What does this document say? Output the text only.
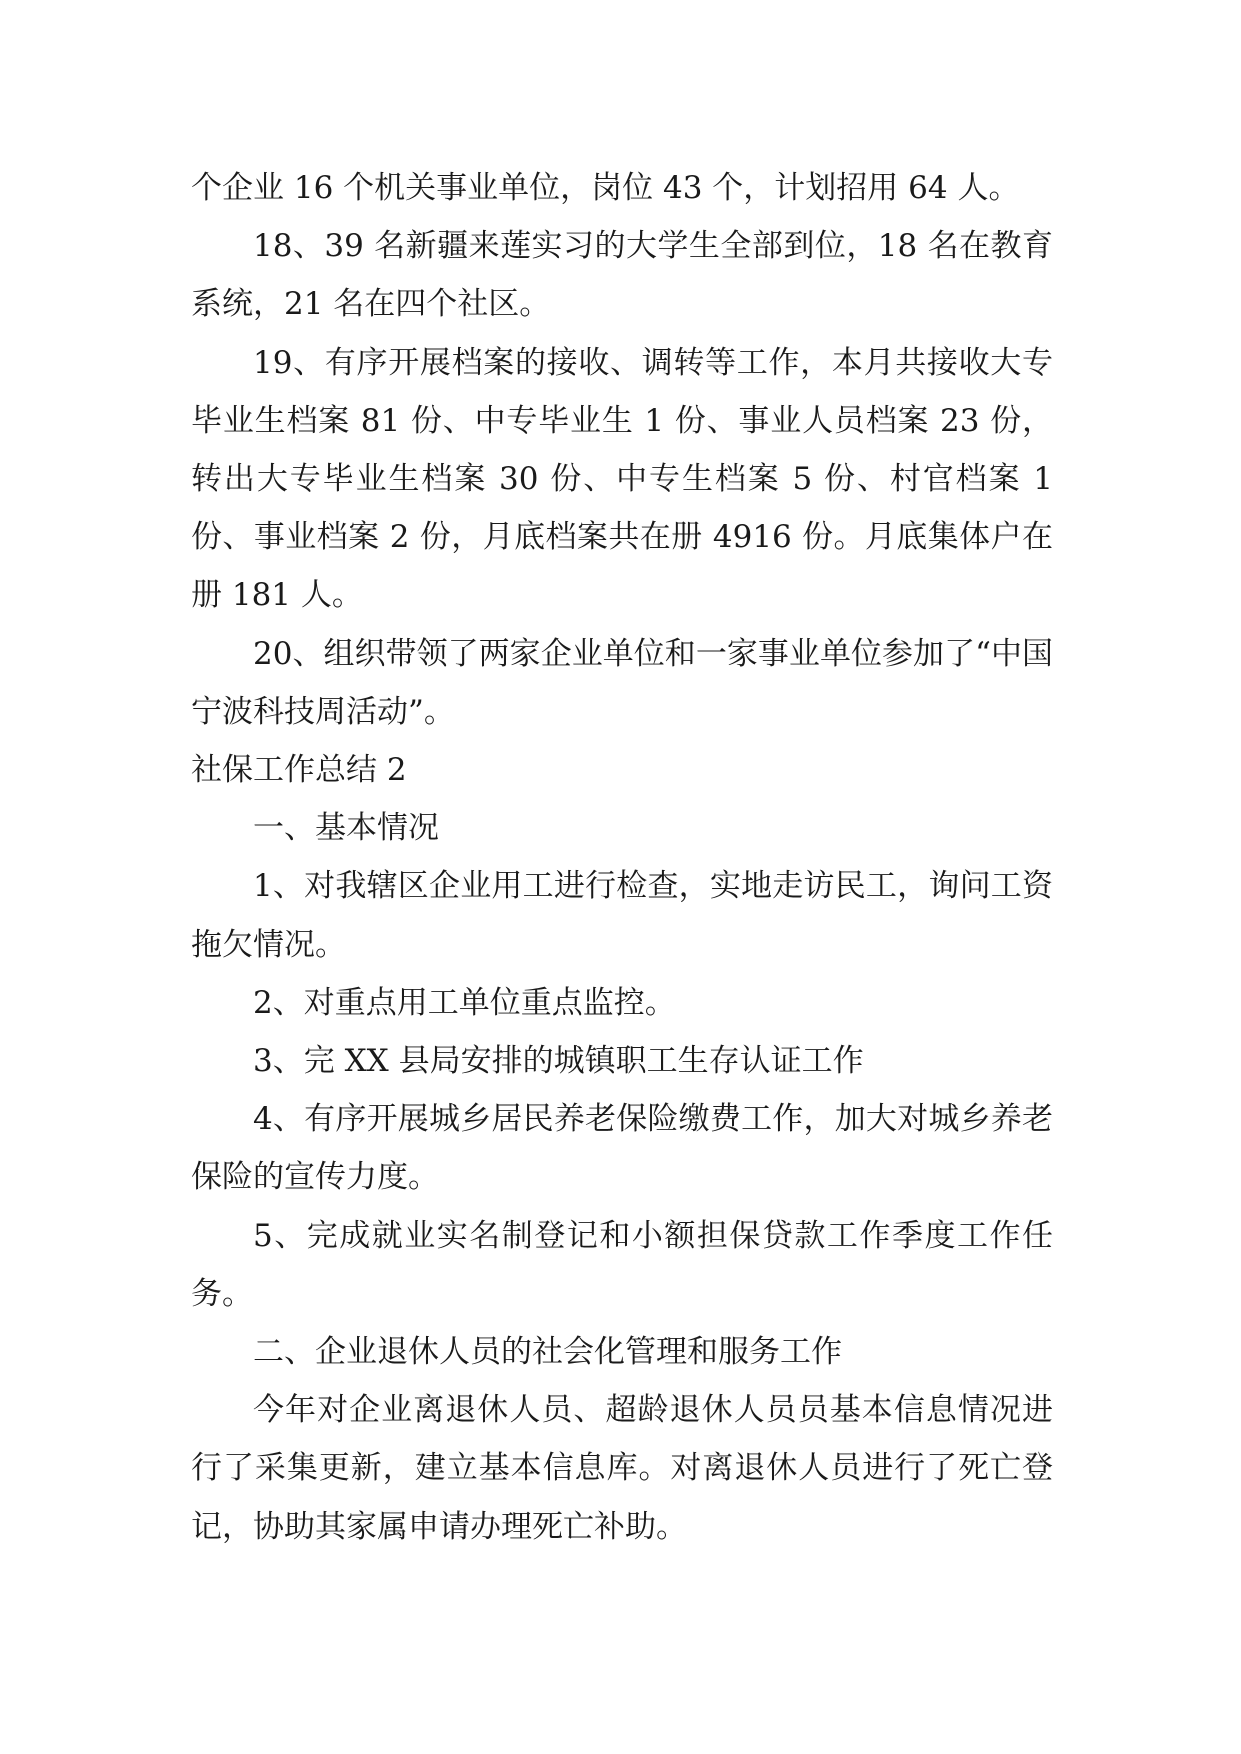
个企业 16 个机关事业单位，岗位 43 个，计划招用 64 人。

18、39 名新疆来莲实习的大学生全部到位，18 名在教育系统，21 名在四个社区。

19、有序开展档案的接收、调转等工作，本月共接收大专毕业生档案 81 份、中专毕业生 1 份、事业人员档案 23 份，转出大专毕业生档案 30 份、中专生档案 5 份、村官档案 1 份、事业档案 2 份，月底档案共在册 4916 份。月底集体户在册 181 人。

20、组织带领了两家企业单位和一家事业单位参加了“中国宁波科技周活动”。

社保工作总结 2

一、基本情况

1、对我辖区企业用工进行检查，实地走访民工，询问工资拖欠情况。

2、对重点用工单位重点监控。

3、完 XX 县局安排的城镇职工生存认证工作

4、有序开展城乡居民养老保险缴费工作，加大对城乡养老保险的宣传力度。

5、完成就业实名制登记和小额担保贷款工作季度工作任务。

二、企业退休人员的社会化管理和服务工作

今年对企业离退休人员、超龄退休人员员基本信息情况进行了采集更新，建立基本信息库。对离退休人员进行了死亡登记，协助其家属申请办理死亡补助。
